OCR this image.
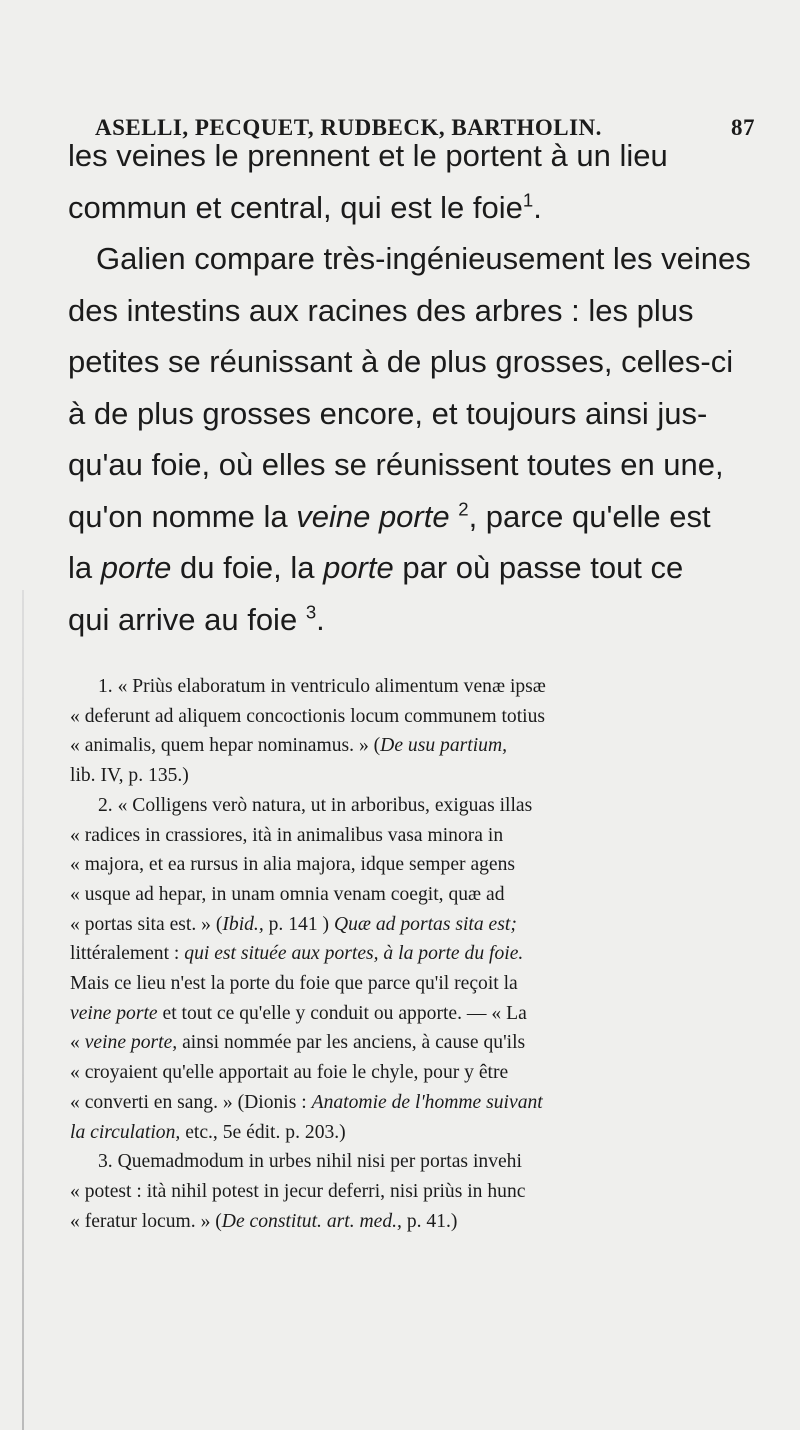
ASELLI, PECQUET, RUDBECK, BARTHOLIN.	87
les veines le prennent et le portent à un lieu
commun et central, qui est le foie$^1$.
Galien compare très-ingénieusement les veines
des intestins aux racines des arbres : les plus
petites se réunissant à de plus grosses, celles-ci
à de plus grosses encore, et toujours ainsi jus-
qu'au foie, où elles se réunissent toutes en une,
qu'on nomme la veine porte $^2$, parce qu'elle est
la porte du foie, la porte par où passe tout ce
qui arrive au foie $^3$.
1. « Priùs elaboratum in ventriculo alimentum venæ ipsæ
« deferunt ad aliquem concoctionis locum communem totius
« animalis, quem hepar nominamus. » (De usu partium,
lib. IV, p. 135.)
2. « Colligens verò natura, ut in arboribus, exiguas illas
« radices in crassiores, ità in animalibus vasa minora in
« majora, et ea rursus in alia majora, idque semper agens
« usque ad hepar, in unam omnia venam coegit, quæ ad
« portas sita est. » (Ibid., p. 141 ) Quæ ad portas sita est;
littéralement : qui est située aux portes, à la porte du foie.
Mais ce lieu n'est la porte du foie que parce qu'il reçoit la
veine porte et tout ce qu'elle y conduit ou apporte. — « La
« veine porte, ainsi nommée par les anciens, à cause qu'ils
« croyaient qu'elle apportait au foie le chyle, pour y être
« converti en sang. » (Dionis : Anatomie de l'homme suivant
la circulation, etc., 5e édit. p. 203.)
3. Quemadmodum in urbes nihil nisi per portas invehi
« potest : ità nihil potest in jecur deferri, nisi priùs in hunc
« feratur locum. » (De constitut. art. med., p. 41.)
